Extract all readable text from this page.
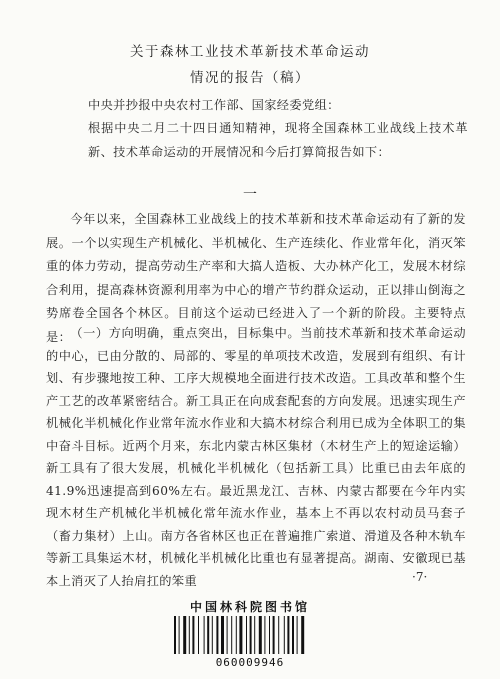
关于森林工业技术革新技术革命运动
情况的报告（稿）
中央并抄报中央农村工作部、国家经委党组：
根据中央二月二十四日通知精神，现将全国森林工业战线上技术革新、技术革命运动的开展情况和今后打算简报告如下：
一
今年以来，全国森林工业战线上的技术革新和技术革命运动有了新的发展。一个以实现生产机械化、半机械化、生产连续化、作业常年化，消灭笨重的体力劳动，提高劳动生产率和大搞人造板、大办林产化工，发展木材综合利用，提高森林资源利用率为中心的增产节约群众运动，正以排山倒海之势席卷全国各个林区。目前这个运动已经进入了一个新的阶段。主要特点是： （一）方向明确，重点突出，目标集中。当前技术革新和技术革命运动的中心，已由分散的、局部的、零星的单项技术改造，发展到有组织、有计划、有步骤地按工种、工序大规模地全面进行技术改造。工具改革和整个生产工艺的改革紧密结合。新工具正在向成套配套的方向发展。迅速实现生产机械化半机械化作业常年流水作业和大搞木材综合利用已成为全体职工的集中奋斗目标。近两个月来，东北内蒙古林区集材（木材生产上的短途运输）新工具有了很大发展，机械化半机械化（包括新工具）比重已由去年底的41.9%迅速提高到60%左右。最近黑龙江、吉林、内蒙古都要在今年内实现木材生产机械化半机械化常年流水作业，基本上不再以农村动员马套子（畜力集材）上山。南方各省林区也正在普遍推广索道、滑道及各种木轨车等新工具集运木材，机械化半机械化比重也有显著提高。湖南、安徽现已基本上消灭了人抬肩扛的笨重	·7·
中国林科院图书馆
060009946
